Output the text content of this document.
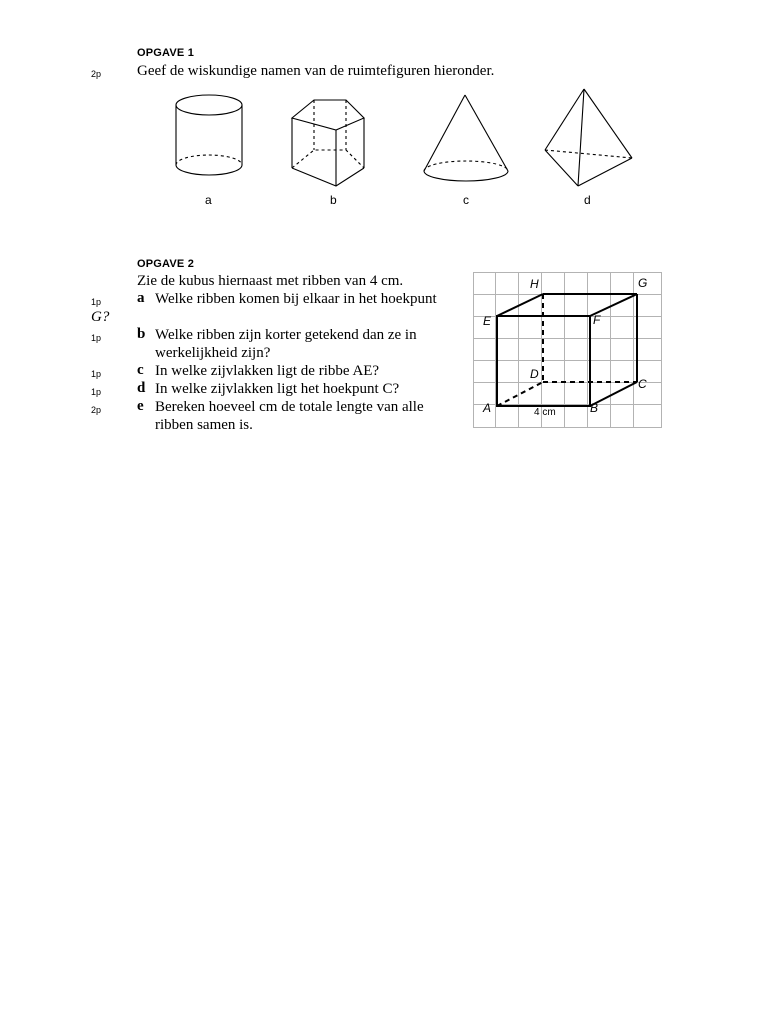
OPGAVE 1
2p Geef de wiskundige namen van de ruimtefiguren hieronder.
a	b	c	d
OPGAVE 2
Zie de kubus hiernaast met ribben van 4 cm.
1p a Welke ribben komen bij elkaar in het hoekpunt
G?
1p b Welke ribben zijn korter getekend dan ze in
werkelijkheid zijn?
1p c In welke zijvlakken ligt de ribbe AE?
1p d In welke zijvlakken ligt het hoekpunt C?
2p e Bereken hoeveel cm de totale lengte van alle
ribben samen is.
H	G
E	F
D
C
A	B
4 cm
